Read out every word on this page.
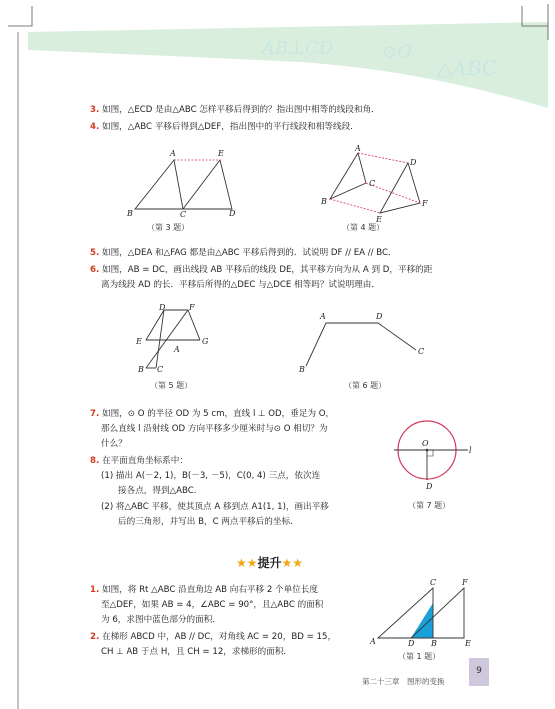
AB⊥CD	⊙O
△ABC
3. 如图，△ECD 是由△ABC 怎样平移后得到的？指出图中相等的线段和角．
4. 如图，△ABC 平移后得到△DEF，指出图中的平行线段和相等线段．
A	E
B	C	D
（第 3 题）
A
D
B
C
E
F
（第 4 题）
5. 如图，△DEA 和△FAG 都是由△ABC 平移后得到的．试说明 DF // EA // BC．
6. 如图，AB = DC，画出线段 AB 平移后的线段 DE，其平移方向为从 A 到 D，平移的距
离为线段 AD 的长．平移后所得的△DEC 与△DCE 相等吗？试说明理由．
D	F
E	G
A
B C
（第 5 题）
A	D
B
C
（第 6 题）
7. 如图，⊙ O 的半径 OD 为 5 cm，直线 l ⊥ OD，垂足为 O，
那么直线 l 沿射线 OD 方向平移多少厘米时与⊙ O 相切？为
什么？
8. 在平面直角坐标系中：
(1) 描出 A(－2, 1)，B(－3, －5)，C(0, 4) 三点，依次连
接各点，得到△ABC．
(2) 将△ABC 平移，使其顶点 A 移到点 A1(1, 1)，画出平移
后的三角形，并写出 B，C 两点平移后的坐标．
O
D
l
（第 7 题）
★★提升★★
1. 如图，将 Rt △ABC 沿直角边 AB 向右平移 2 个单位长度
至△DEF，如果 AB = 4，∠ABC = 90°，且△ABC 的面积
为 6，求图中蓝色部分的面积．
2. 在梯形 ABCD 中，AB // DC，对角线 AC = 20，BD = 15，
CH ⊥ AB 于点 H，且 CH = 12，求梯形的面积．
C	F
A	D B	E
（第 1 题）
第二十三章　图形的变换
9
